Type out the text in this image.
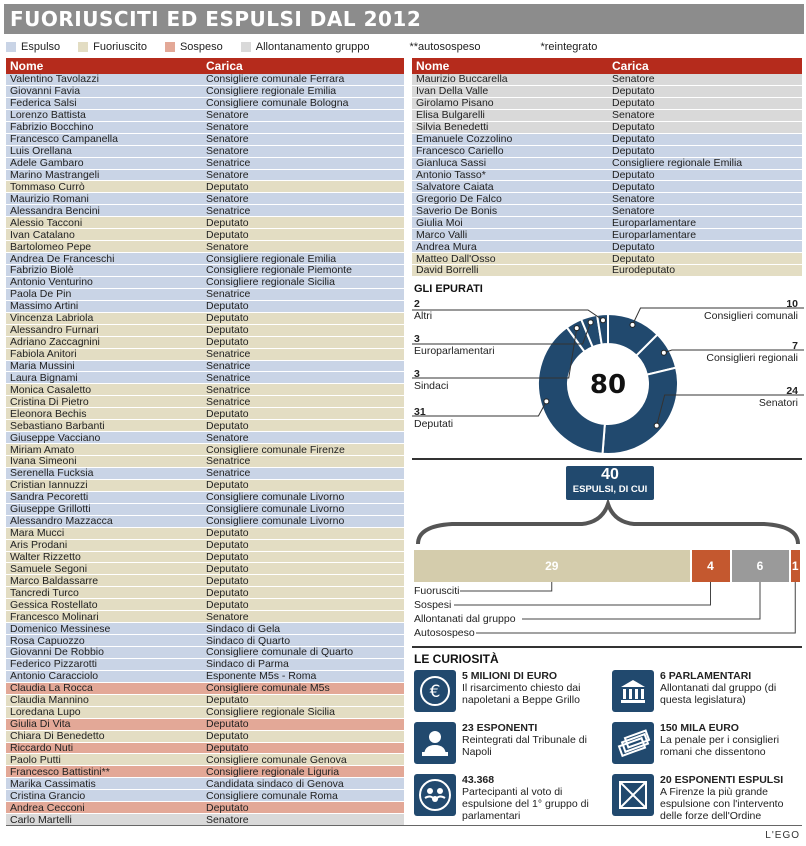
FUORIUSCITI ED ESPULSI DAL 2012
Espulso	Fuoriuscito	Sospeso	Allontanamento gruppo	**autosospeso	*reintegrato
Nome	Carica
Valentino Tavolazzi	Consigliere comunale Ferrara
Giovanni Favia	Consigliere regionale Emilia
Federica Salsi	Consigliere comunale Bologna
Lorenzo Battista	Senatore
Fabrizio Bocchino	Senatore
Francesco Campanella	Senatore
Luis Orellana	Senatore
Adele Gambaro	Senatrice
Marino Mastrangeli	Senatore
Tommaso Currò	Deputato
Maurizio Romani	Senatore
Alessandra Bencini	Senatrice
Alessio Tacconi	Deputato
Ivan Catalano	Deputato
Bartolomeo Pepe	Senatore
Andrea De Franceschi	Consigliere regionale Emilia
Fabrizio Biolè	Consigliere regionale Piemonte
Antonio Venturino	Consigliere regionale Sicilia
Paola De Pin	Senatrice
Massimo Artini	Deputato
Vincenza Labriola	Deputato
Alessandro Furnari	Deputato
Adriano Zaccagnini	Deputato
Fabiola Anitori	Senatrice
Maria Mussini	Senatrice
Laura Bignami	Senatrice
Monica Casaletto	Senatrice
Cristina Di Pietro	Senatrice
Eleonora Bechis	Deputato
Sebastiano Barbanti	Deputato
Giuseppe Vacciano	Senatore
Miriam Amato	Consigliere comunale Firenze
Ivana Simeoni	Senatrice
Serenella Fucksia	Senatrice
Cristian Iannuzzi	Deputato
Sandra Pecoretti	Consigliere comunale Livorno
Giuseppe Grillotti	Consigliere comunale Livorno
Alessandro Mazzacca	Consigliere comunale Livorno
Mara Mucci	Deputato
Aris Prodani	Deputato
Walter Rizzetto	Deputato
Samuele Segoni	Deputato
Marco Baldassarre	Deputato
Tancredi Turco	Deputato
Gessica Rostellato	Deputato
Francesco Molinari	Senatore
Domenico Messinese	Sindaco di Gela
Rosa Capuozzo	Sindaco di Quarto
Giovanni De Robbio	Consigliere comunale di Quarto
Federico Pizzarotti	Sindaco di Parma
Antonio Caracciolo	Esponente M5s - Roma
Claudia La Rocca	Consigliere comunale M5s
Claudia Mannino	Deputato
Loredana Lupo	Consigliere regionale Sicilia
Giulia Di Vita	Deputato
Chiara Di Benedetto	Deputato
Riccardo Nuti	Deputato
Paolo Putti	Consigliere comunale Genova
Francesco Battistini**	Consigliere regionale Liguria
Marika Cassimatis	Candidata sindaco di Genova
Cristina Grancio	Consigliere comunale Roma
Andrea Cecconi	Deputato
Carlo Martelli	Senatore
Nome	Carica
Maurizio Buccarella	Senatore
Ivan Della Valle	Deputato
Girolamo Pisano	Deputato
Elisa Bulgarelli	Senatore
Silvia Benedetti	Deputato
Emanuele Cozzolino	Deputato
Francesco Cariello	Deputato
Gianluca Sassi	Consigliere regionale Emilia
Antonio Tasso*	Deputato
Salvatore Caiata	Deputato
Gregorio De Falco	Senatore
Saverio De Bonis	Senatore
Giulia Moi	Europarlamentare
Marco Valli	Europarlamentare
Andrea Mura	Deputato
Matteo Dall'Osso	Deputato
David Borrelli	Eurodeputato
GLI EPURATI
80
2
Altri
3
Europarlamentari
3
Sindaci
31
Deputati
10
Consiglieri comunali
7
Consiglieri regionali
24
Senatori
40
ESPULSI, DI CUI
29	4	6 1
Fuorusciti
Sospesi
Allontanati dal gruppo
Autosospeso
LE CURIOSITÀ
€
5 MILIONI DI EURO
Il risarcimento chiesto dai napoletani a Beppe Grillo
6 PARLAMENTARI
Allontanati dal gruppo (di questa legislatura)
23 ESPONENTI
Reintegrati dal Tribunale di Napoli
150 MILA EURO
La penale per i consiglieri romani che dissentono
43.368
Partecipanti al voto di espulsione del 1° gruppo di parlamentari
20 ESPONENTI ESPULSI
A Firenze la più grande espulsione con l'intervento delle forze dell'Ordine
L'EGO
